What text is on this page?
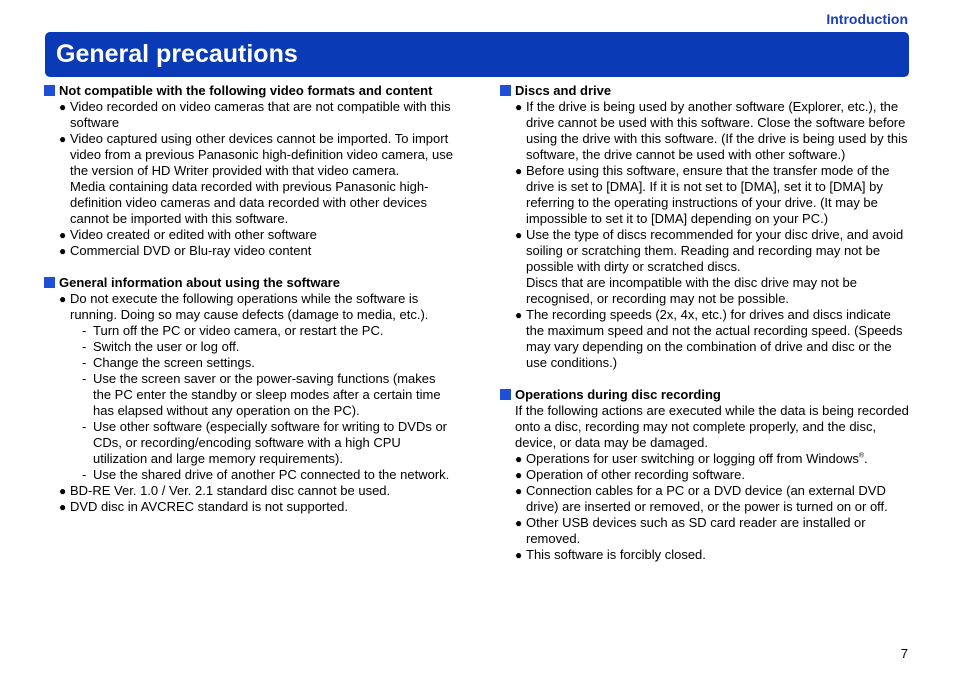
Introduction
General precautions
Not compatible with the following video formats and content
● Video recorded on video cameras that are not compatible with this software
● Video captured using other devices cannot be imported. To import video from a previous Panasonic high-definition video camera, use the version of HD Writer provided with that video camera.
Media containing data recorded with previous Panasonic high-definition video cameras and data recorded with other devices cannot be imported with this software.
● Video created or edited with other software
● Commercial DVD or Blu-ray video content
General information about using the software
● Do not execute the following operations while the software is running. Doing so may cause defects (damage to media, etc.).
- Turn off the PC or video camera, or restart the PC.
- Switch the user or log off.
- Change the screen settings.
- Use the screen saver or the power-saving functions (makes the PC enter the standby or sleep modes after a certain time has elapsed without any operation on the PC).
- Use other software (especially software for writing to DVDs or CDs, or recording/encoding software with a high CPU utilization and large memory requirements).
- Use the shared drive of another PC connected to the network.
● BD-RE Ver. 1.0 / Ver. 2.1 standard disc cannot be used.
● DVD disc in AVCREC standard is not supported.
Discs and drive
● If the drive is being used by another software (Explorer, etc.), the drive cannot be used with this software. Close the software before using the drive with this software. (If the drive is being used by this software, the drive cannot be used with other software.)
● Before using this software, ensure that the transfer mode of the drive is set to [DMA]. If it is not set to [DMA], set it to [DMA] by referring to the operating instructions of your drive. (It may be impossible to set it to [DMA] depending on your PC.)
● Use the type of discs recommended for your disc drive, and avoid soiling or scratching them. Reading and recording may not be possible with dirty or scratched discs.
Discs that are incompatible with the disc drive may not be recognised, or recording may not be possible.
● The recording speeds (2x, 4x, etc.) for drives and discs indicate the maximum speed and not the actual recording speed. (Speeds may vary depending on the combination of drive and disc or the use conditions.)
Operations during disc recording
If the following actions are executed while the data is being recorded onto a disc, recording may not complete properly, and the disc, device, or data may be damaged.
● Operations for user switching or logging off from Windows®.
● Operation of other recording software.
● Connection cables for a PC or a DVD device (an external DVD drive) are inserted or removed, or the power is turned on or off.
● Other USB devices such as SD card reader are installed or removed.
● This software is forcibly closed.
7
